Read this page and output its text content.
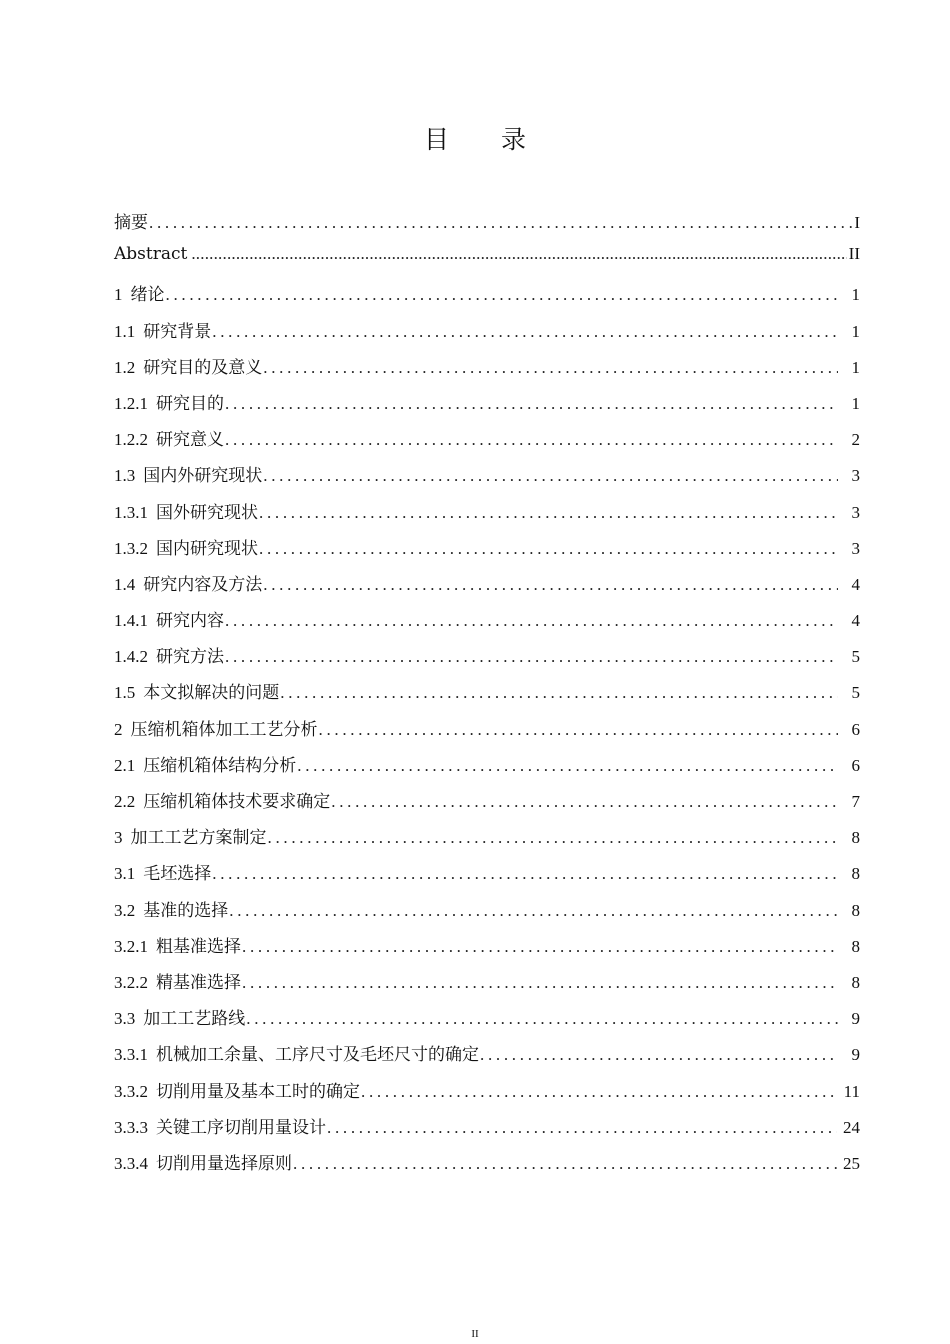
目 录
摘要 .....	I
Abstract .....	II
1 绪论 .....	1
1.1 研究背景 .....	1
1.2 研究目的及意义 .....	1
1.2.1 研究目的 .....	1
1.2.2 研究意义 .....	2
1.3 国内外研究现状 .....	3
1.3.1 国外研究现状 .....	3
1.3.2 国内研究现状 .....	3
1.4 研究内容及方法 .....	4
1.4.1 研究内容 .....	4
1.4.2 研究方法 .....	5
1.5 本文拟解决的问题 .....	5
2 压缩机箱体加工工艺分析 .....	6
2.1 压缩机箱体结构分析 .....	6
2.2 压缩机箱体技术要求确定 .....	7
3 加工工艺方案制定 .....	8
3.1 毛坯选择 .....	8
3.2 基准的选择 .....	8
3.2.1 粗基准选择 .....	8
3.2.2 精基准选择 .....	8
3.3 加工工艺路线 .....	9
3.3.1 机械加工余量、工序尺寸及毛坯尺寸的确定 .....	9
3.3.2 切削用量及基本工时的确定 .....	11
3.3.3 关键工序切削用量设计 .....	24
3.3.4 切削用量选择原则 .....	25
II
